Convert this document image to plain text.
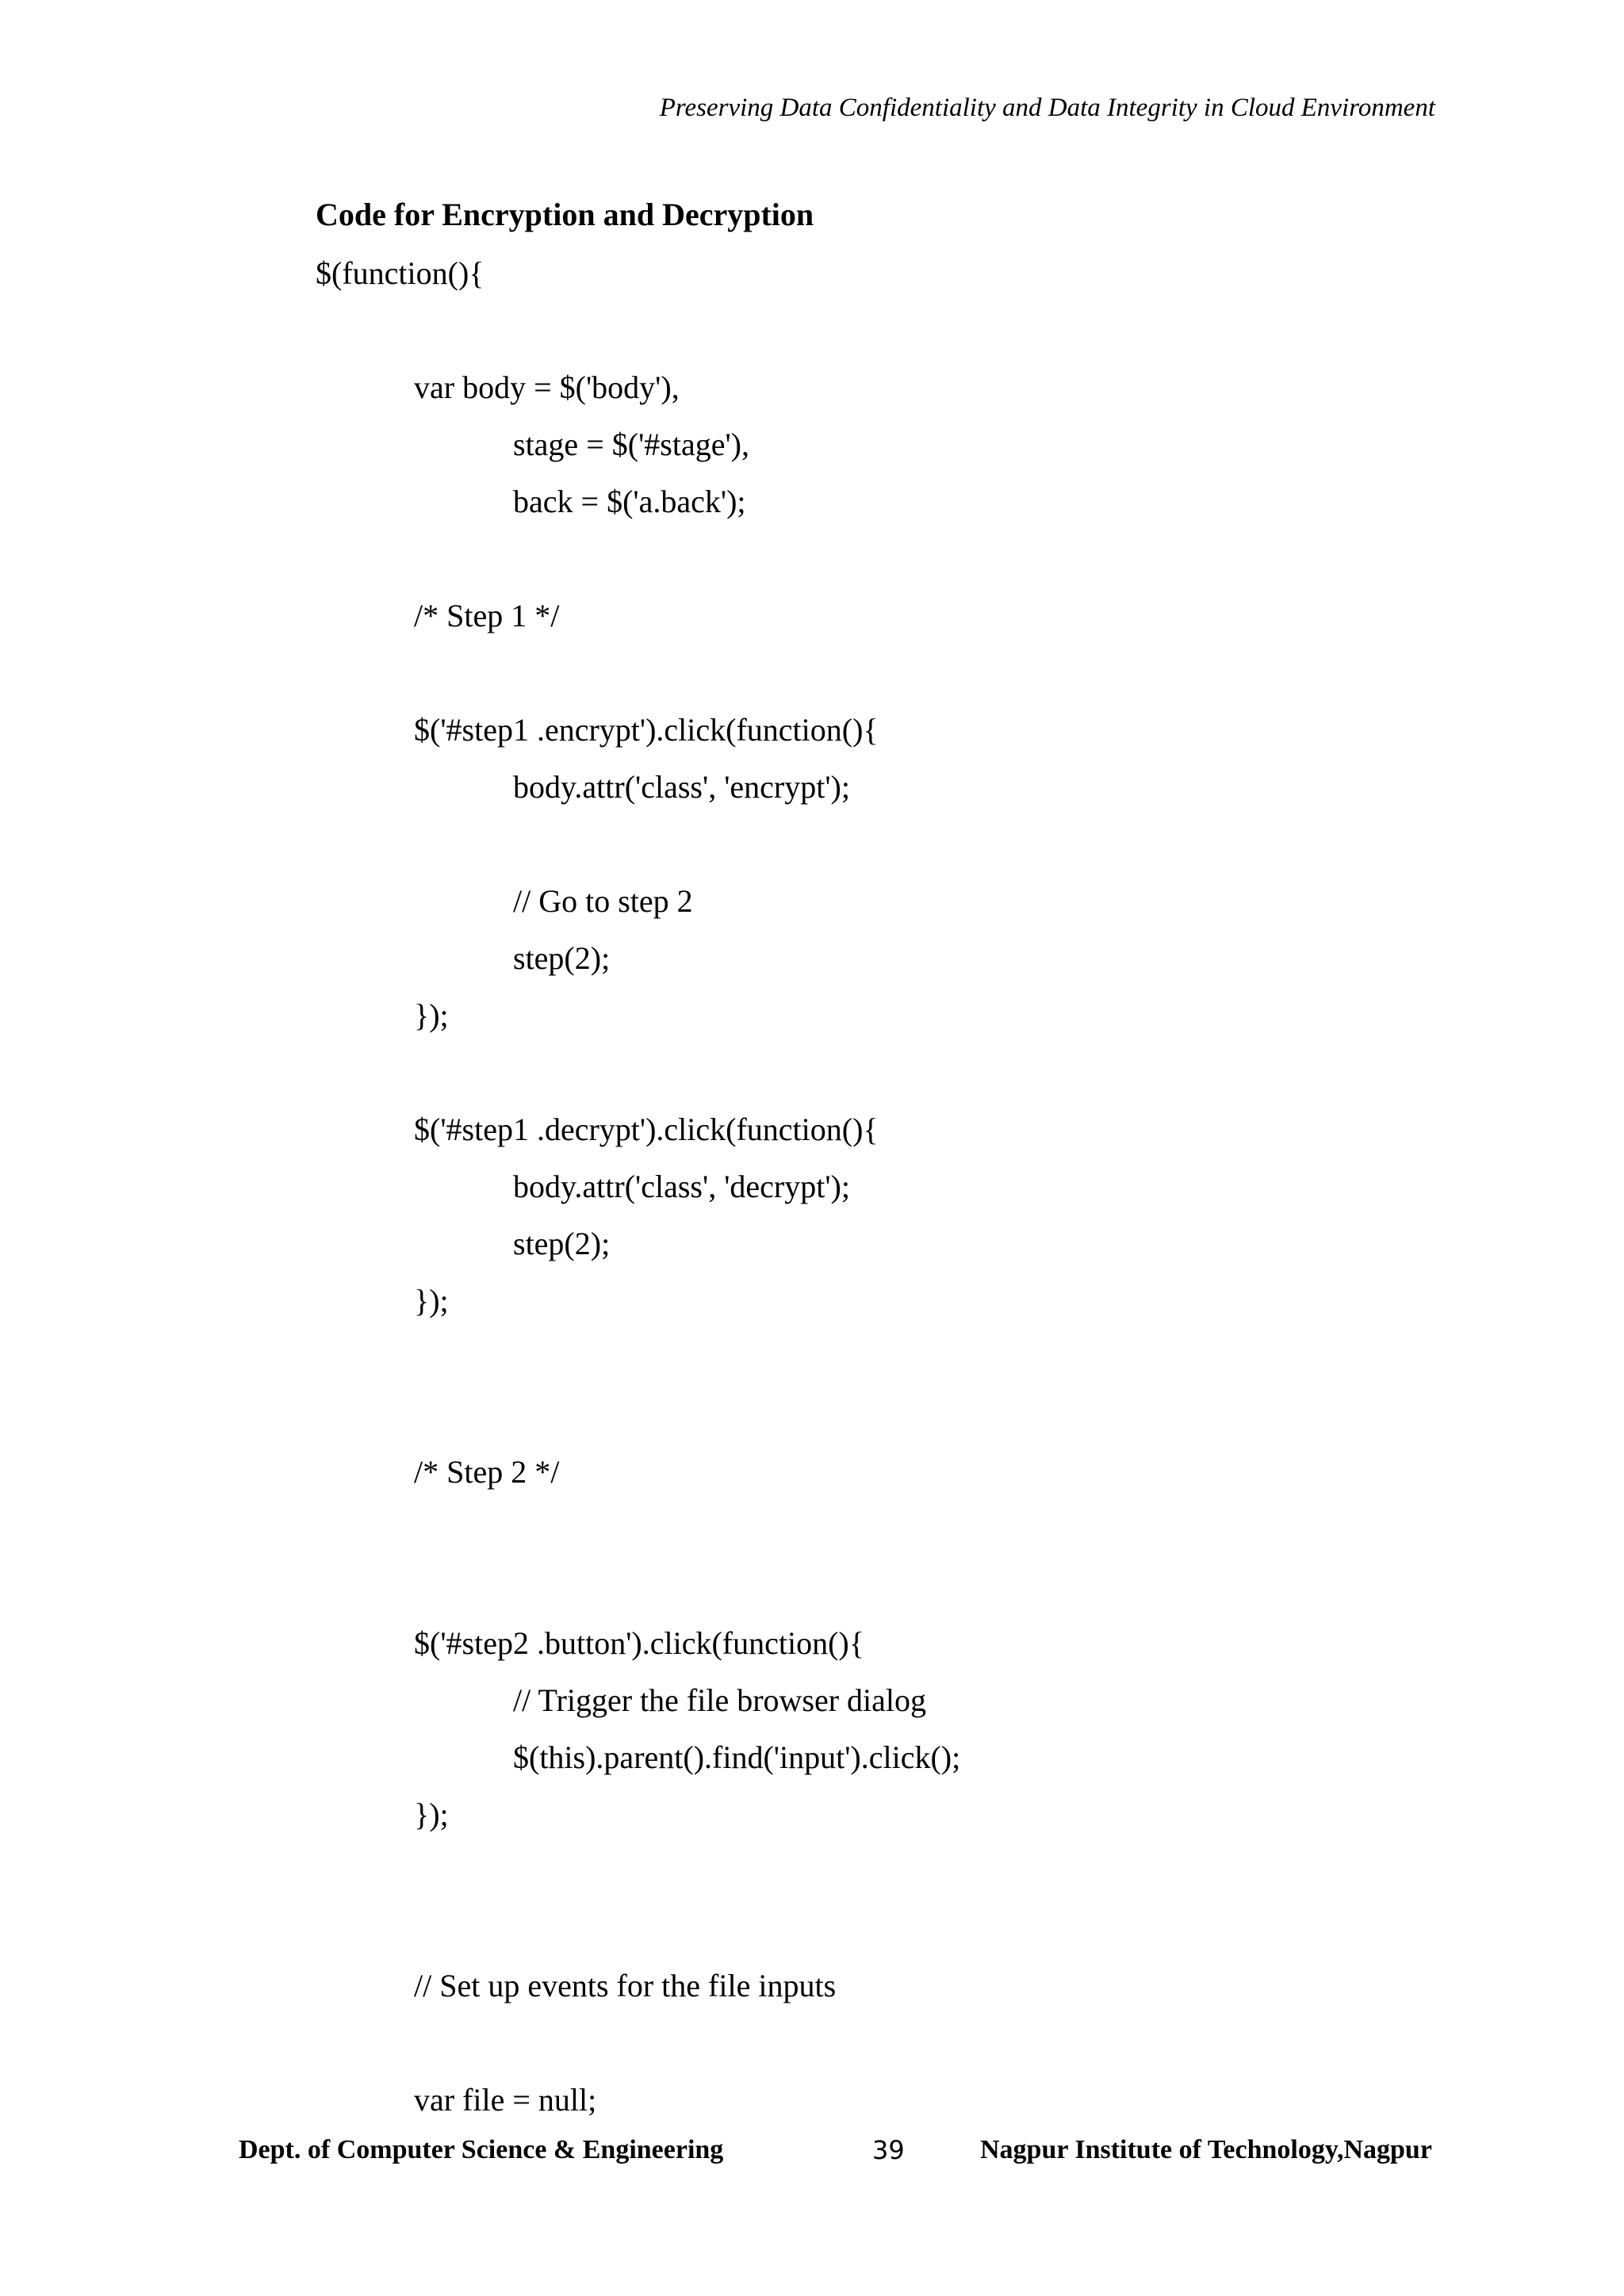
Preserving Data Confidentiality and Data Integrity in Cloud Environment
Code for Encryption and Decryption
$(function(){
var body = $('body'),
stage = $('#stage'),
back = $('a.back');
/* Step 1 */
$('#step1 .encrypt').click(function(){
body.attr('class', 'encrypt');
// Go to step 2
step(2);
});
$('#step1 .decrypt').click(function(){
body.attr('class', 'decrypt');
step(2);
});
/* Step 2 */
$('#step2 .button').click(function(){
// Trigger the file browser dialog
$(this).parent().find('input').click();
});
// Set up events for the file inputs
var file = null;
Dept. of Computer Science & Engineering	39	Nagpur Institute of Technology,Nagpur
